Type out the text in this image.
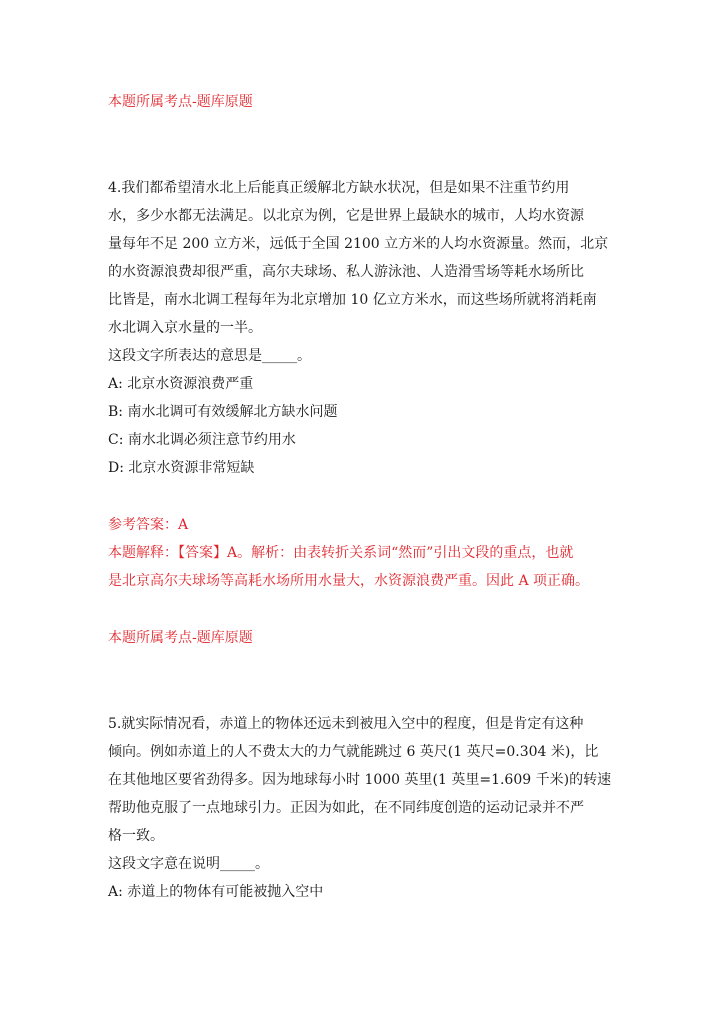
本题所属考点-题库原题
4.我们都希望清水北上后能真正缓解北方缺水状况，但是如果不注重节约用
水，多少水都无法满足。以北京为例，它是世界上最缺水的城市，人均水资源
量每年不足 200 立方米，远低于全国 2100 立方米的人均水资源量。然而，北京
的水资源浪费却很严重，高尔夫球场、私人游泳池、人造滑雪场等耗水场所比
比皆是，南水北调工程每年为北京增加 10 亿立方米水，而这些场所就将消耗南
水北调入京水量的一半。
这段文字所表达的意思是_____。
A: 北京水资源浪费严重
B: 南水北调可有效缓解北方缺水问题
C: 南水北调必须注意节约用水
D: 北京水资源非常短缺
参考答案：A
本题解释：【答案】A。解析：由表转折关系词“然而”引出文段的重点，也就
是北京高尔夫球场等高耗水场所用水量大，水资源浪费严重。因此 A 项正确。
本题所属考点-题库原题
5.就实际情况看，赤道上的物体还远未到被甩入空中的程度，但是肯定有这种
倾向。例如赤道上的人不费太大的力气就能跳过 6 英尺(1 英尺=0.304 米)，比
在其他地区要省劲得多。因为地球每小时 1000 英里(1 英里=1.609 千米)的转速
帮助他克服了一点地球引力。正因为如此，在不同纬度创造的运动记录并不严
格一致。
这段文字意在说明_____。
A: 赤道上的物体有可能被抛入空中
